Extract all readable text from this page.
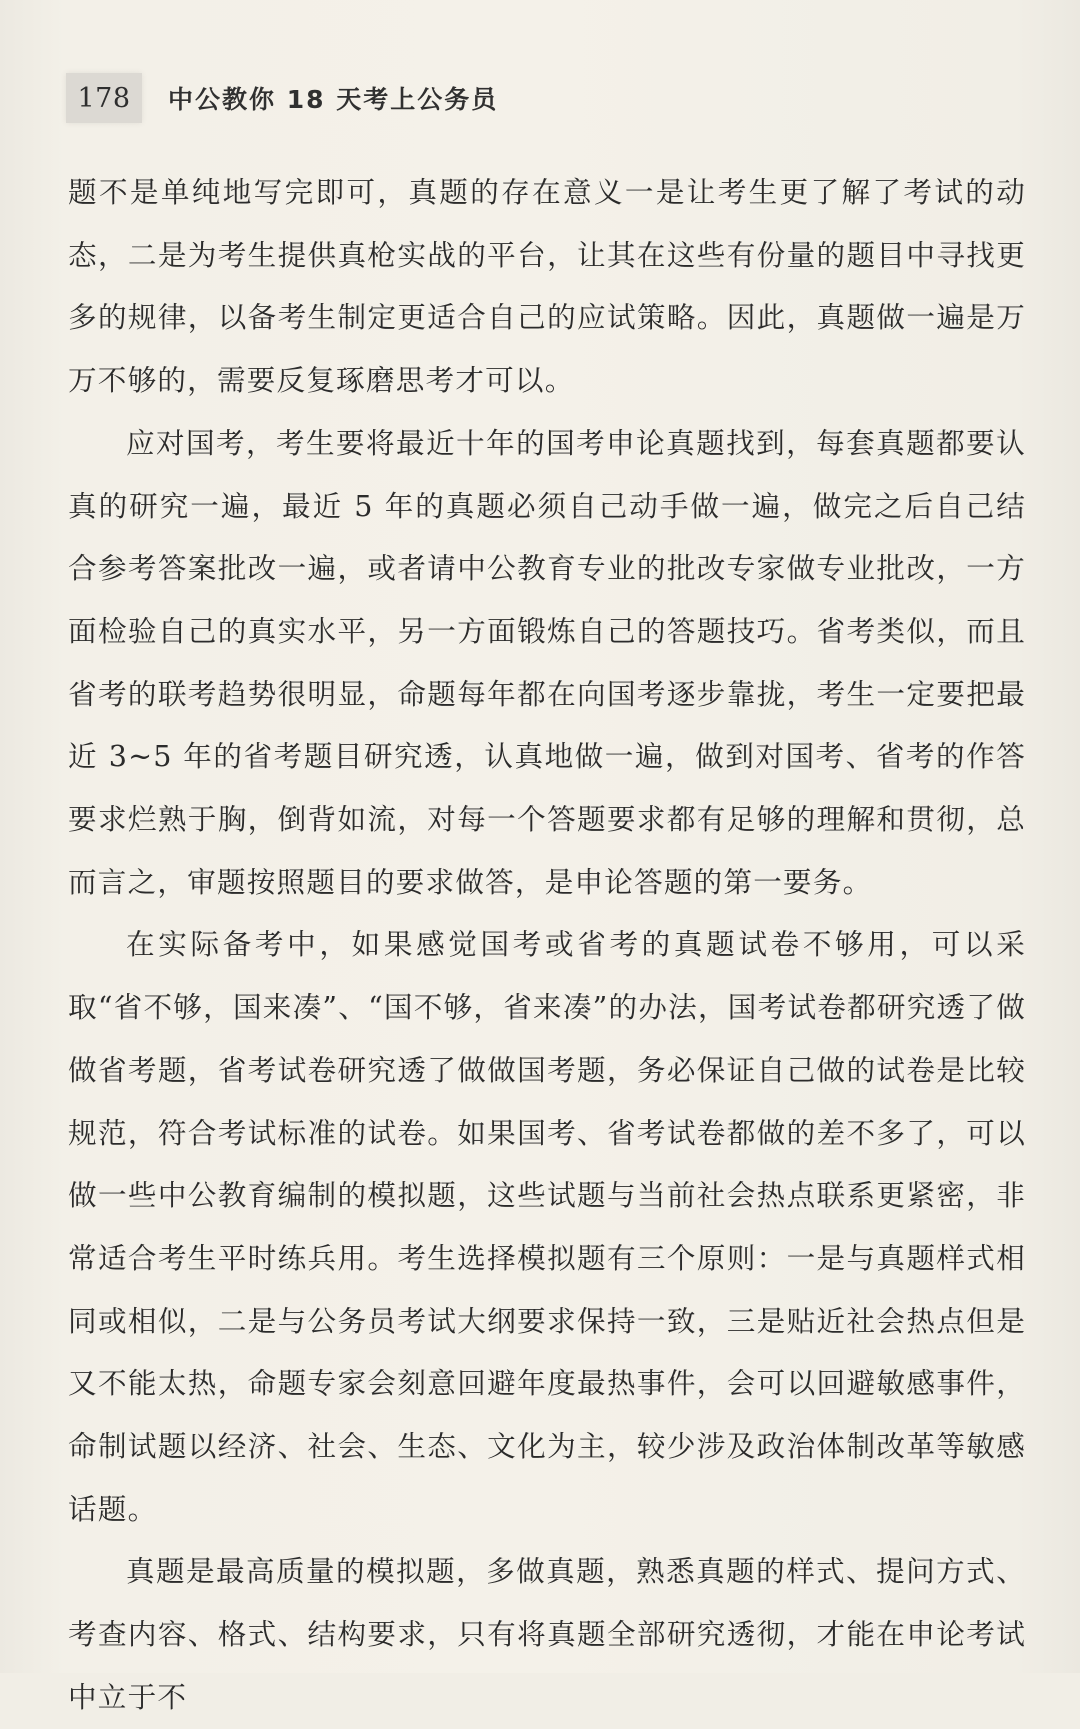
178 中公教你 18 天考上公务员

题不是单纯地写完即可，真题的存在意义一是让考生更了解了考试的动态，二是为考生提供真枪实战的平台，让其在这些有份量的题目中寻找更多的规律，以备考生制定更适合自己的应试策略。因此，真题做一遍是万万不够的，需要反复琢磨思考才可以。

应对国考，考生要将最近十年的国考申论真题找到，每套真题都要认真的研究一遍，最近 5 年的真题必须自己动手做一遍，做完之后自己结合参考答案批改一遍，或者请中公教育专业的批改专家做专业批改，一方面检验自己的真实水平，另一方面锻炼自己的答题技巧。省考类似，而且省考的联考趋势很明显，命题每年都在向国考逐步靠拢，考生一定要把最近 3~5 年的省考题目研究透，认真地做一遍，做到对国考、省考的作答要求烂熟于胸，倒背如流，对每一个答题要求都有足够的理解和贯彻，总而言之，审题按照题目的要求做答，是申论答题的第一要务。

在实际备考中，如果感觉国考或省考的真题试卷不够用，可以采取“省不够，国来凑”、“国不够，省来凑”的办法，国考试卷都研究透了做做省考题，省考试卷研究透了做做国考题，务必保证自己做的试卷是比较规范，符合考试标准的试卷。如果国考、省考试卷都做的差不多了，可以做一些中公教育编制的模拟题，这些试题与当前社会热点联系更紧密，非常适合考生平时练兵用。考生选择模拟题有三个原则：一是与真题样式相同或相似，二是与公务员考试大纲要求保持一致，三是贴近社会热点但是又不能太热，命题专家会刻意回避年度最热事件，会可以回避敏感事件，命制试题以经济、社会、生态、文化为主，较少涉及政治体制改革等敏感话题。

真题是最高质量的模拟题，多做真题，熟悉真题的样式、提问方式、考查内容、格式、结构要求，只有将真题全部研究透彻，才能在申论考试中立于不
